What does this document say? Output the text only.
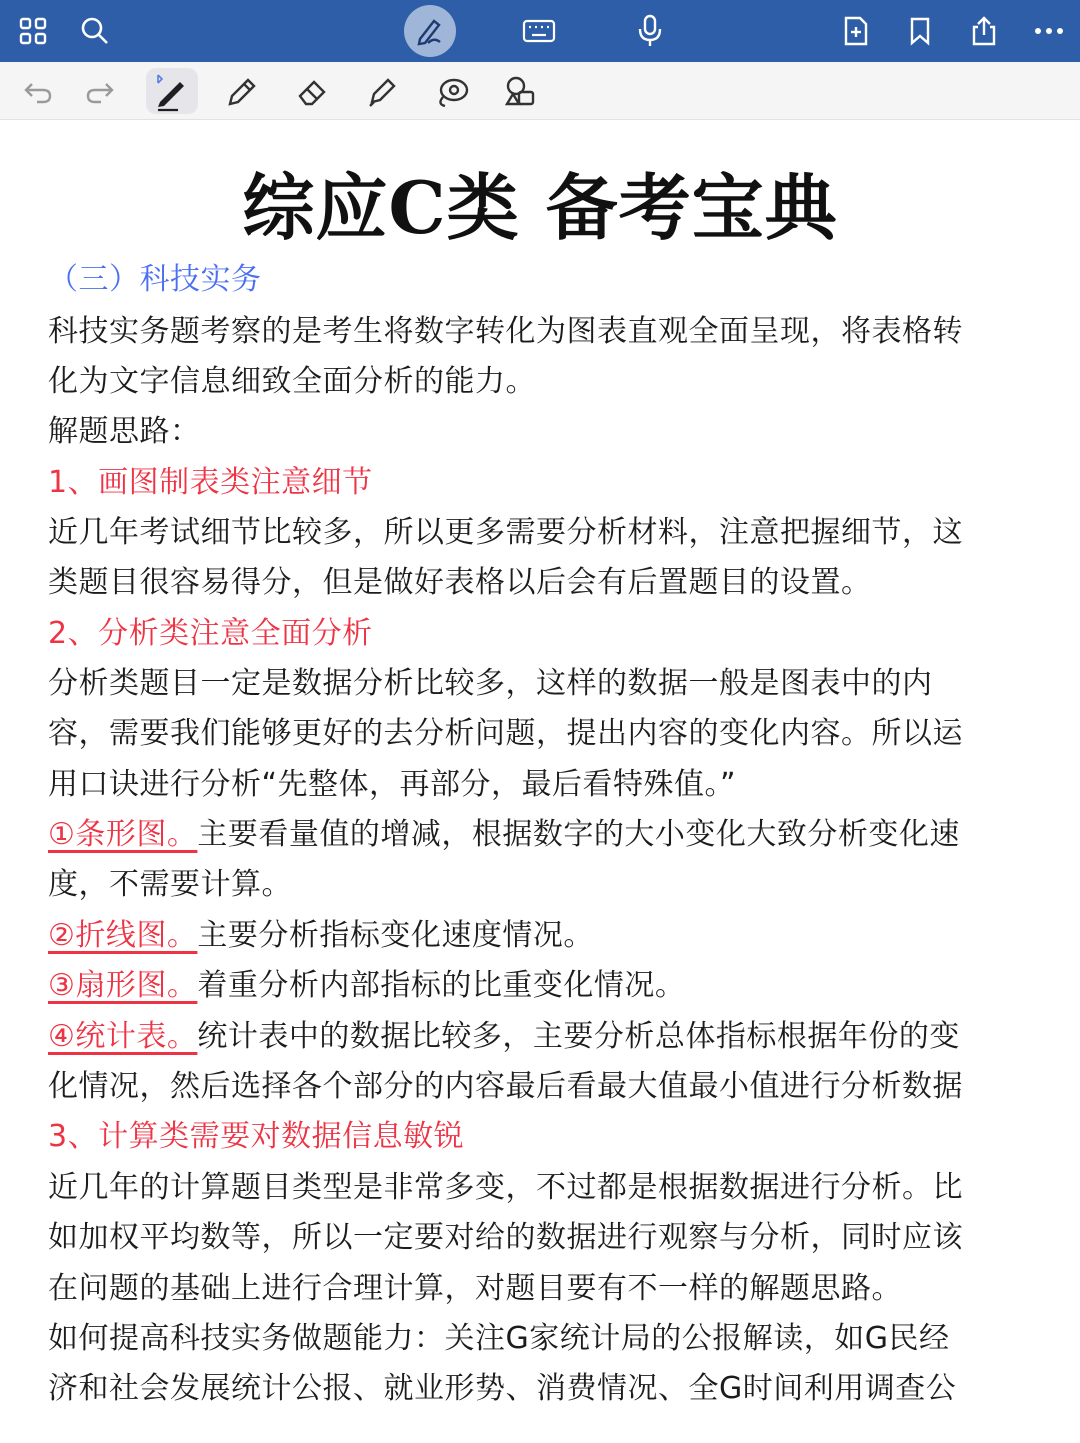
综应C类 备考宝典
（三）科技实务
科技实务题考察的是考生将数字转化为图表直观全面呈现，将表格转
化为文字信息细致全面分析的能力。
解题思路：
1、画图制表类注意细节
近几年考试细节比较多，所以更多需要分析材料，注意把握细节，这
类题目很容易得分，但是做好表格以后会有后置题目的设置。
2、分析类注意全面分析
分析类题目一定是数据分析比较多，这样的数据一般是图表中的内
容，需要我们能够更好的去分析问题，提出内容的变化内容。所以运
用口诀进行分析“先整体，再部分，最后看特殊值。”
①条形图。主要看量值的增减，根据数字的大小变化大致分析变化速
度，不需要计算。
②折线图。主要分析指标变化速度情况。
③扇形图。着重分析内部指标的比重变化情况。
④统计表。统计表中的数据比较多，主要分析总体指标根据年份的变
化情况，然后选择各个部分的内容最后看最大值最小值进行分析数据
3、计算类需要对数据信息敏锐
近几年的计算题目类型是非常多变，不过都是根据数据进行分析。比
如加权平均数等，所以一定要对给的数据进行观察与分析，同时应该
在问题的基础上进行合理计算，对题目要有不一样的解题思路。
如何提高科技实务做题能力：关注G家统计局的公报解读，如G民经
济和社会发展统计公报、就业形势、消费情况、全G时间利用调查公
